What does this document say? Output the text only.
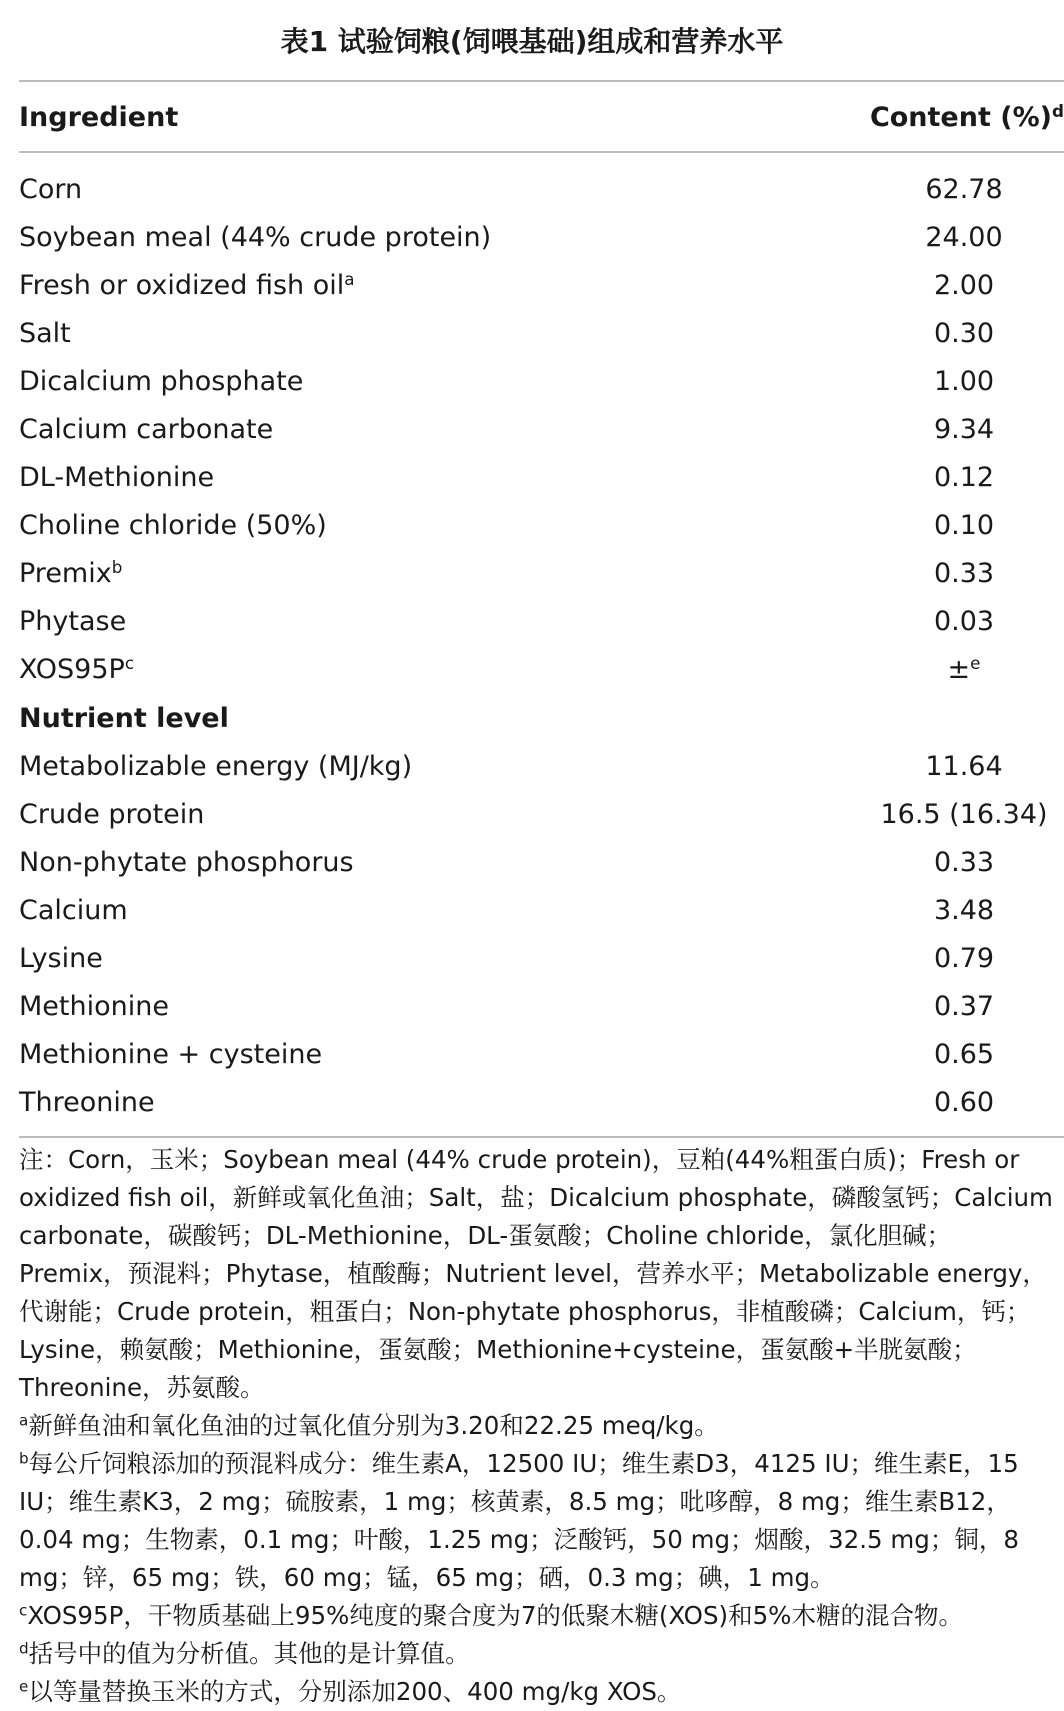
表1 试验饲粮(饲喂基础)组成和营养水平
Ingredient	Content (%)$^d$
Corn	62.78
Soybean meal (44% crude protein)	24.00
Fresh or oxidized fish oil$^a$	2.00
Salt	0.30
Dicalcium phosphate	1.00
Calcium carbonate	9.34
DL-Methionine	0.12
Choline chloride (50%)	0.10
Premix$^b$	0.33
Phytase	0.03
$XOS95P^c$	±$^e$
Nutrient level
Metabolizable energy (MJ/kg)	11.64
Crude protein	16.5 (16.34)
Non-phytate phosphorus	0.33
Calcium	3.48
Lysine	0.79
Methionine	0.37
Methionine + cysteine	0.65
Threonine	0.60

注：Corn，玉米；Soybean meal (44% crude protein)，豆粕(44%粗蛋白质)；Fresh or oxidized fish oil，新鲜或氧化鱼油；Salt，盐；Dicalcium phosphate，磷酸氢钙；Calcium carbonate，碳酸钙；DL-Methionine，DL-蛋氨酸；Choline chloride，氯化胆碱；Premix，预混料；Phytase，植酸酶；Nutrient level，营养水平；Metabolizable energy，代谢能；Crude protein，粗蛋白；Non-phytate phosphorus，非植酸磷；Calcium，钙；Lysine，赖氨酸；Methionine，蛋氨酸；Methionine+cysteine，蛋氨酸+半胱氨酸；Threonine，苏氨酸。

$^a$新鲜鱼油和氧化鱼油的过氧化值分别为3.20和22.25 meq/kg。

$^b$每公斤饲粮添加的预混料成分：维生素A，12500 IU；维生素D3，4125 IU；维生素E，15 IU；维生素K3，2 mg；硫胺素，1 mg；核黄素，8.5 mg；吡哆醇，8 mg；维生素B12，0.04 mg；生物素，0.1 mg；叶酸，1.25 mg；泛酸钙，50 mg；烟酸，32.5 mg；铜，8 mg；锌，65 mg；铁，60 mg；锰，65 mg；硒，0.3 mg；碘，1 mg。

$^c$XOS95P，干物质基础上95%纯度的聚合度为7的低聚木糖(XOS)和5%木糖的混合物。

$^d$括号中的值为分析值。其他的是计算值。

$^e$以等量替换玉米的方式，分别添加200、400 mg/kg XOS。
